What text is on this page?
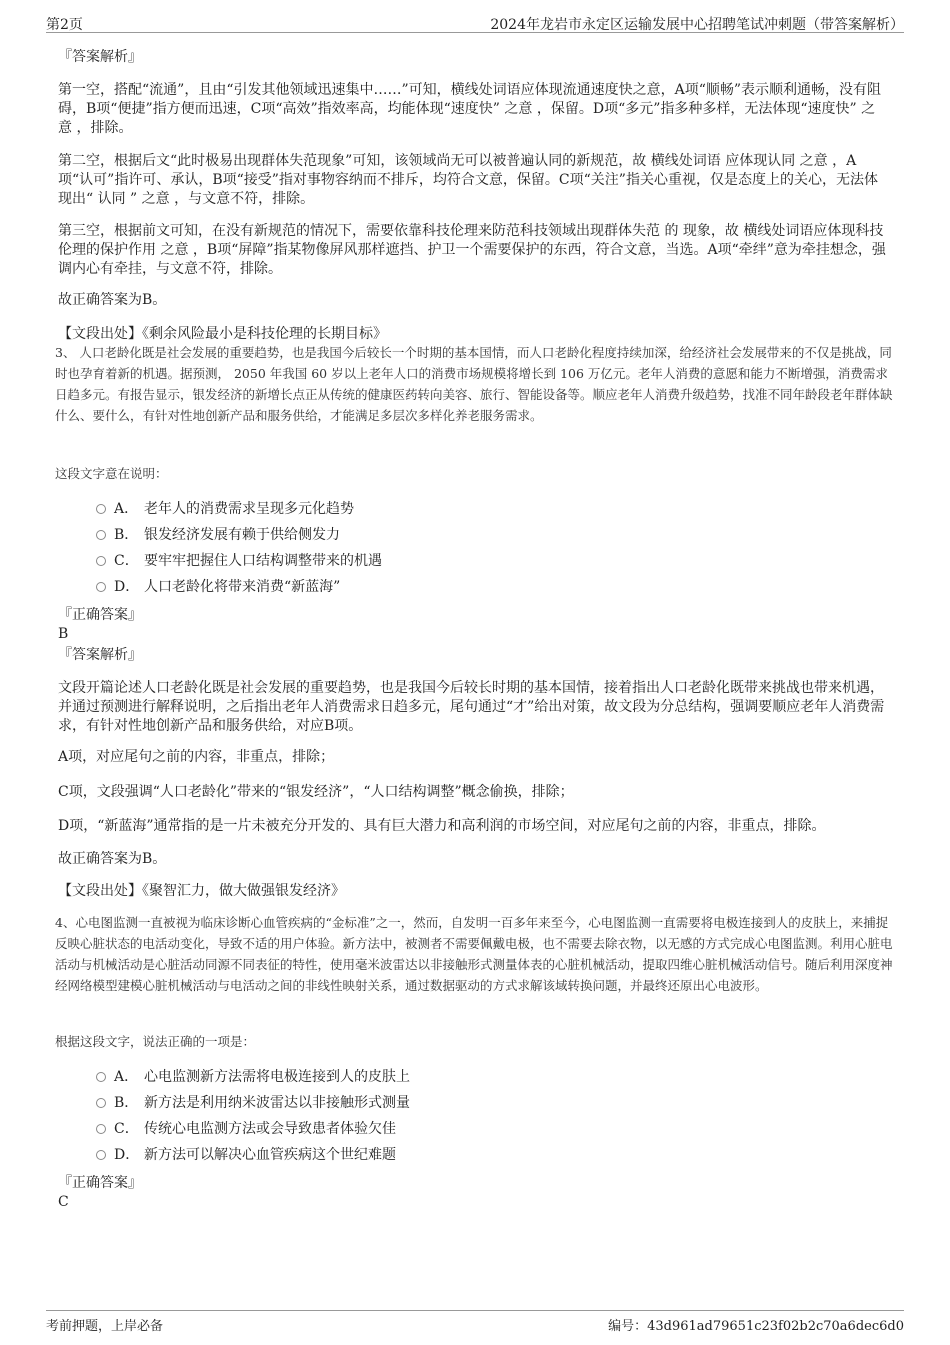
第2页	2024年龙岩市永定区运输发展中心招聘笔试冲刺题（带答案解析）
『答案解析』
第一空，搭配“流通”，且由“引发其他领域迅速集中……”可知，横线处词语应体现流通速度快之意，A项“顺畅”表示顺利通畅，没有阻碍，B项“便捷”指方便而迅速，C项“高效”指效率高，均能体现“速度快” 之意 ，保留。D项“多元”指多种多样，无法体现“速度快” 之意 ，排除。
第二空，根据后文“此时极易出现群体失范现象”可知，该领域尚无可以被普遍认同的新规范，故 横线处词语 应体现认同 之意 ，A项“认可”指许可、承认，B项“接受”指对事物容纳而不排斥，均符合文意，保留。C项“关注”指关心重视，仅是态度上的关心，无法体现出“ 认同 ” 之意 ，与文意不符，排除。
第三空，根据前文可知，在没有新规范的情况下，需要依靠科技伦理来防范科技领域出现群体失范 的 现象，故 横线处词语应体现科技伦理的保护作用 之意 ，B项“屏障”指某物像屏风那样遮挡、护卫一个需要保护的东西，符合文意，当选。A项“牵绊”意为牵挂想念，强调内心有牵挂，与文意不符，排除。
故正确答案为B。
【文段出处】《剩余风险最小是科技伦理的长期目标》
3、 人口老龄化既是社会发展的重要趋势，也是我国今后较长一个时期的基本国情，而人口老龄化程度持续加深，给经济社会发展带来的不仅是挑战，同时也孕育着新的机遇。据预测， 2050 年我国 60 岁以上老年人口的消费市场规模将增长到 106 万亿元。老年人消费的意愿和能力不断增强，消费需求日趋多元。有报告显示，银发经济的新增长点正从传统的健康医药转向美容、旅行、智能设备等。顺应老年人消费升级趋势，找准不同年龄段老年群体缺什么、要什么，有针对性地创新产品和服务供给，才能满足多层次多样化养老服务需求。
这段文字意在说明：
A． 老年人的消费需求呈现多元化趋势
B． 银发经济发展有赖于供给侧发力
C． 要牢牢把握住人口结构调整带来的机遇
D． 人口老龄化将带来消费“新蓝海”
『正确答案』
B
『答案解析』
文段开篇论述人口老龄化既是社会发展的重要趋势，也是我国今后较长时期的基本国情，接着指出人口老龄化既带来挑战也带来机遇，并通过预测进行解释说明，之后指出老年人消费需求日趋多元，尾句通过“才”给出对策，故文段为分总结构，强调要顺应老年人消费需求，有针对性地创新产品和服务供给，对应B项。
A项，对应尾句之前的内容，非重点，排除；
C项，文段强调“人口老龄化”带来的“银发经济”，“人口结构调整”概念偷换，排除；
D项，“新蓝海”通常指的是一片未被充分开发的、具有巨大潜力和高利润的市场空间，对应尾句之前的内容，非重点，排除。
故正确答案为B。
【文段出处】《聚智汇力，做大做强银发经济》
4、心电图监测一直被视为临床诊断心血管疾病的“金标准”之一，然而，自发明一百多年来至今，心电图监测一直需要将电极连接到人的皮肤上，来捕捉反映心脏状态的电活动变化，导致不适的用户体验。新方法中，被测者不需要佩戴电极，也不需要去除衣物，以无感的方式完成心电图监测。利用心脏电活动与机械活动是心脏活动同源不同表征的特性，使用毫米波雷达以非接触形式测量体表的心脏机械活动，提取四维心脏机械活动信号。随后利用深度神经网络模型建模心脏机械活动与电活动之间的非线性映射关系，通过数据驱动的方式求解该域转换问题，并最终还原出心电波形。
根据这段文字，说法正确的一项是：
A． 心电监测新方法需将电极连接到人的皮肤上
B． 新方法是利用纳米波雷达以非接触形式测量
C． 传统心电监测方法或会导致患者体验欠佳
D． 新方法可以解决心血管疾病这个世纪难题
『正确答案』
C
考前押题，上岸必备	编号：43d961ad79651c23f02b2c70a6dec6d0
